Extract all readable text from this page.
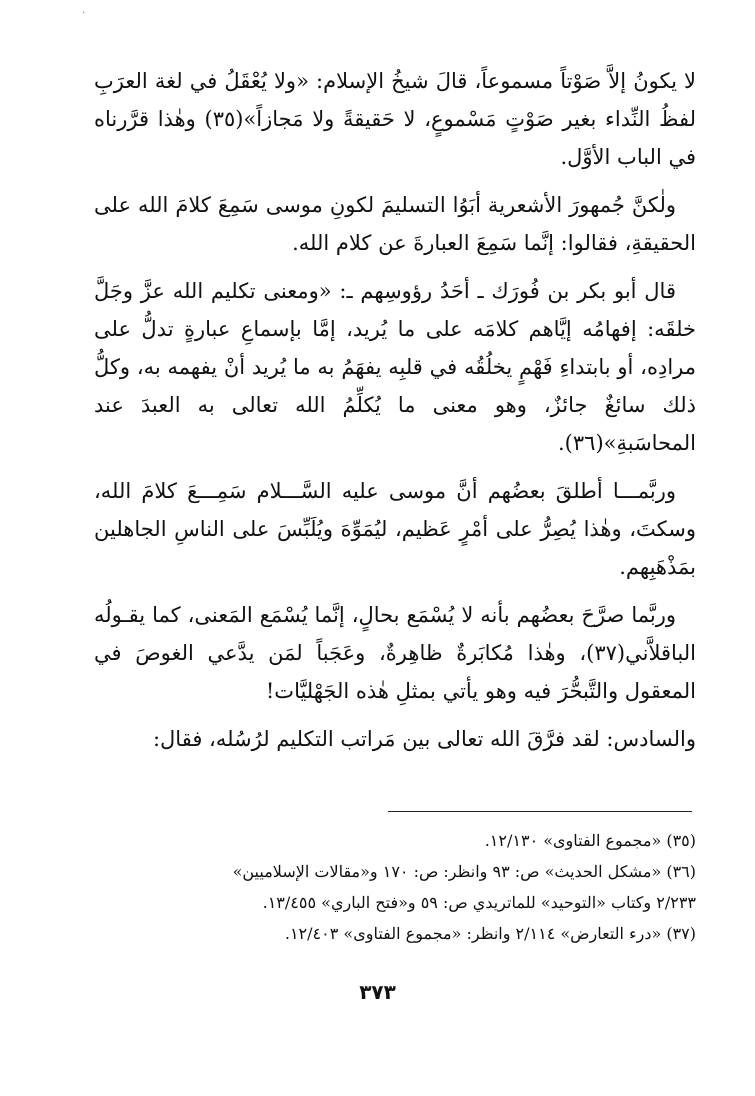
·

لا يكونُ إلاَّ صَوْتاً مسموعاً، قالَ شيخُ الإسلام: «ولا يُعْقَلُ في لغة العرَبِ لفظُ النِّداء بغير صَوْتٍ مَسْموعٍ، لا حَقيقةً ولا مَجازاً»(٣٥) وهٰذا قرَّرناه في الباب الأوَّل.

ولٰكنَّ جُمهورَ الأشعرية أبَوُا التسليمَ لكونِ موسى سَمِعَ كلامَ الله على الحقيقةِ، فقالوا: إنَّما سَمِعَ العبارةَ عن كلام الله.

قال أبو بكر بن فُورَك ـ أحَدُ رؤوسِهم ـ: «ومعنى تكليم الله عزَّ وجَلَّ خلقَه: إفهامُه إيَّاهم كلامَه على ما يُريد، إمَّا بإسماعِ عبارةٍ تدلُّ على مرادِه، أو بابتداءِ فَهْمٍ يخلُقُه في قلبِه يفهَمُ به ما يُريد أنْ يفهمه به، وكلُّ ذلك سائغٌ جائزٌ، وهو معنى ما يُكلِّمُ الله تعالى به العبدَ عند المحاسَبةِ»(٣٦).

وربَّمـــا أطلقَ بعضُهم أنَّ موسى عليه السَّـــلام سَمِـــعَ كلامَ الله، وسكتَ، وهٰذا يُصِرُّ على أمْرٍ عَظيم، ليُمَوِّهَ ويُلَبِّسَ على الناسِ الجاهلين بمَذْهَبِهم.

وربَّما صرَّحَ بعضُهم بأنه لا يُسْمَع بحالٍ، إنَّما يُسْمَع المَعنى، كما يقـولُه الباقلاَّني(٣٧)، وهٰذا مُكابَرةٌ ظاهِرةٌ، وعَجَباً لمَن يدَّعي الغوصَ في المعقول والتَّبحُّرَ فيه وهو يأتي بمثلِ هٰذه الجَهْليَّات!

والسادس: لقد فرَّقَ الله تعالى بين مَراتب التكليم لرُسُله، فقال:

(٣٥) «مجموع الفتاوى» ١٢/١٣٠.

(٣٦) «مشكل الحديث» ص: ٩٣ وانظر: ص: ١٧٠ و«مقالات الإسلاميين»

٢/٢٣٣ وكتاب «التوحيد» للماتريدي ص: ٥٩ و«فتح الباري» ١٣/٤٥٥.

(٣٧) «درء التعارض» ٢/١١٤ وانظر: «مجموع الفتاوى» ١٢/٤٠٣.

٣٧٣
